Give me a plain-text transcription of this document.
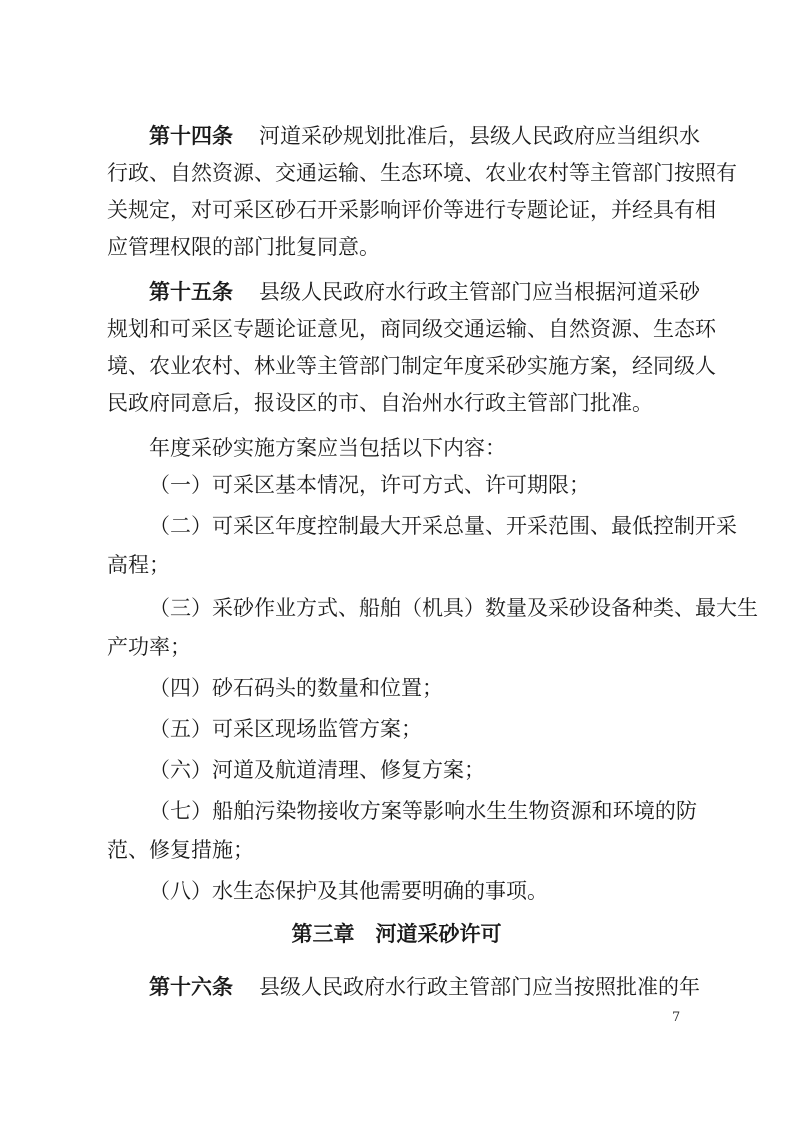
第十四条 河道采砂规划批准后，县级人民政府应当组织水
行政、自然资源、交通运输、生态环境、农业农村等主管部门按照有
关规定，对可采区砂石开采影响评价等进行专题论证，并经具有相
应管理权限的部门批复同意。
第十五条 县级人民政府水行政主管部门应当根据河道采砂
规划和可采区专题论证意见，商同级交通运输、自然资源、生态环
境、农业农村、林业等主管部门制定年度采砂实施方案，经同级人
民政府同意后，报设区的市、自治州水行政主管部门批准。
年度采砂实施方案应当包括以下内容：
（一）可采区基本情况，许可方式、许可期限；
（二）可采区年度控制最大开采总量、开采范围、最低控制开采
高程；
（三）采砂作业方式、船舶（机具）数量及采砂设备种类、最大生
产功率；
（四）砂石码头的数量和位置；
（五）可采区现场监管方案；
（六）河道及航道清理、修复方案；
（七）船舶污染物接收方案等影响水生生物资源和环境的防
范、修复措施；
（八）水生态保护及其他需要明确的事项。
第三章　河道采砂许可
第十六条 县级人民政府水行政主管部门应当按照批准的年
7
